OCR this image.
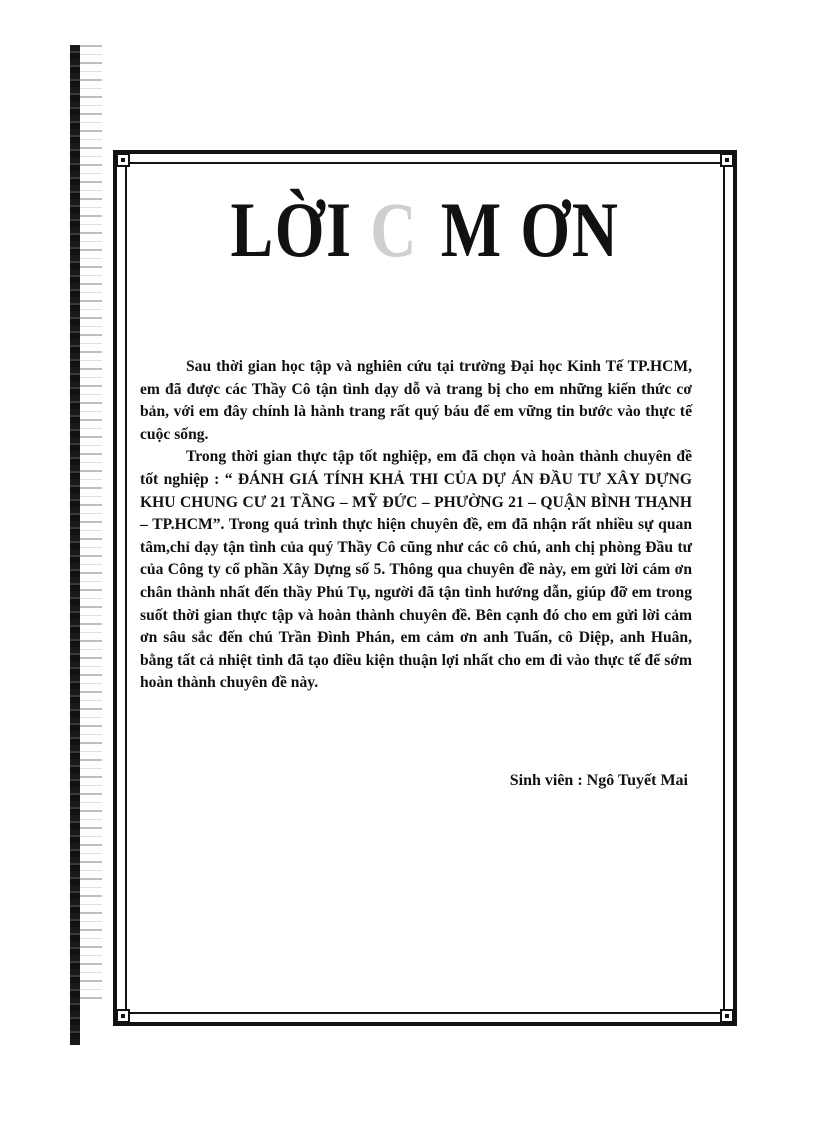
LỜI C M ƠN

Sau thời gian học tập và nghiên cứu tại trường Đại học Kinh Tế TP.HCM, em đã được các Thầy Cô tận tình dạy dỗ và trang bị cho em những kiến thức cơ bản, với em đây chính là hành trang rất quý báu để em vững tin bước vào thực tế cuộc sống.

Trong thời gian thực tập tốt nghiệp, em đã chọn và hoàn thành chuyên đề tốt nghiệp : “ ĐÁNH GIÁ TÍNH KHẢ THI CỦA DỰ ÁN ĐẦU TƯ XÂY DỰNG KHU CHUNG CƯ 21 TẦNG – MỸ ĐỨC – PHƯỜNG 21 – QUẬN BÌNH THẠNH – TP.HCM”. Trong quá trình thực hiện chuyên đề, em đã nhận rất nhiều sự quan tâm,chỉ dạy tận tình của quý Thầy Cô cũng như các cô chú, anh chị phòng Đầu tư của Công ty cổ phần Xây Dựng số 5. Thông qua chuyên đề này, em gửi lời cám ơn chân thành nhất đến thầy Phú Tụ, người đã tận tình hướng dẫn, giúp đỡ em trong suốt thời gian thực tập và hoàn thành chuyên đề. Bên cạnh đó cho em gửi lời cảm ơn sâu sắc đến chú Trần Đình Phán, em cảm ơn anh Tuấn, cô Diệp, anh Huân, bằng tất cả nhiệt tình đã tạo điều kiện thuận lợi nhất cho em đi vào thực tế để sớm hoàn thành chuyên đề này.

Sinh viên : Ngô Tuyết Mai
